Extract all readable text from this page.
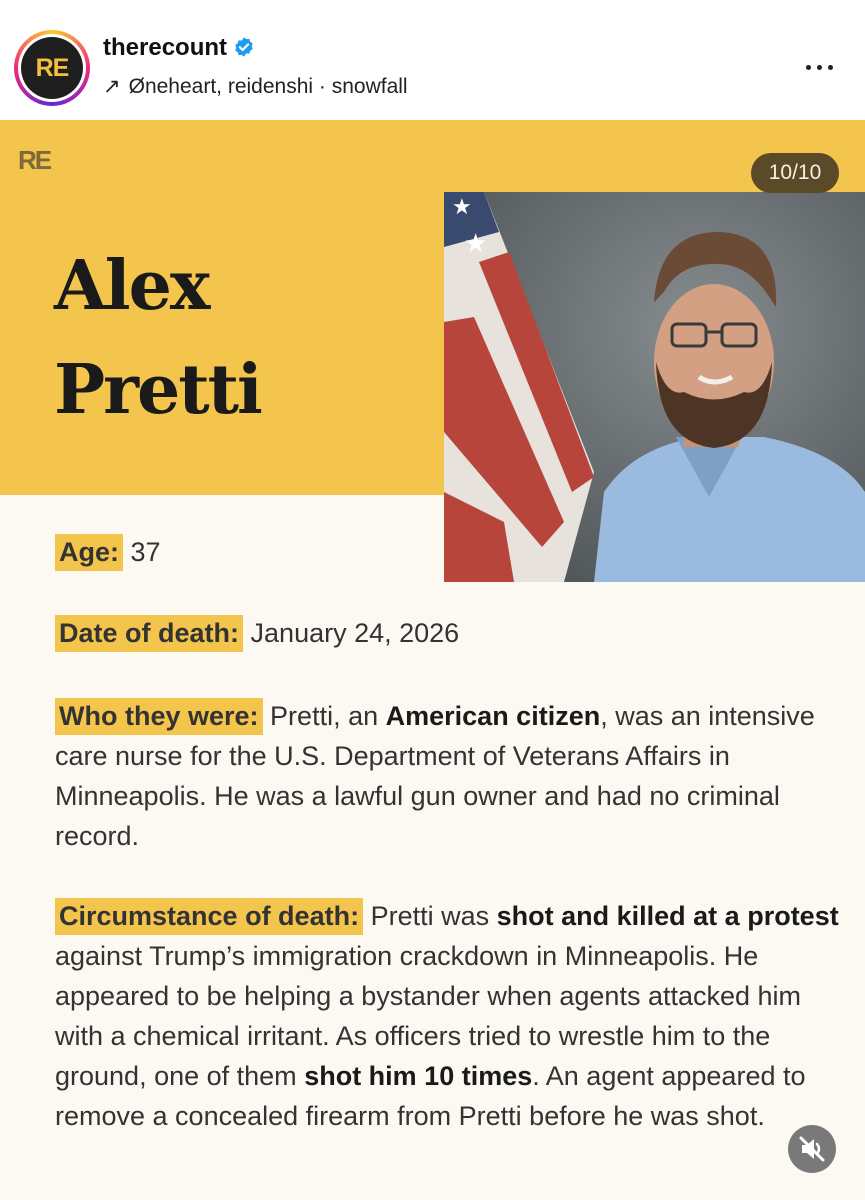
RE
therecount
↗ Øneheart, reidenshi · snowfall
RE
Alex
Pretti
★
★
10/10
Age: 37
Date of death: January 24, 2026
Who they were: Pretti, an American citizen, was an intensive care nurse for the U.S. Department of Veterans Affairs in Minneapolis. He was a lawful gun owner and had no criminal record.
Circumstance of death: Pretti was shot and killed at a protest against Trump’s immigration crackdown in Minneapolis. He appeared to be helping a bystander when agents attacked him with a chemical irritant. As officers tried to wrestle him to the ground, one of them shot him 10 times. An agent appeared to remove a concealed firearm from Pretti before he was shot.
